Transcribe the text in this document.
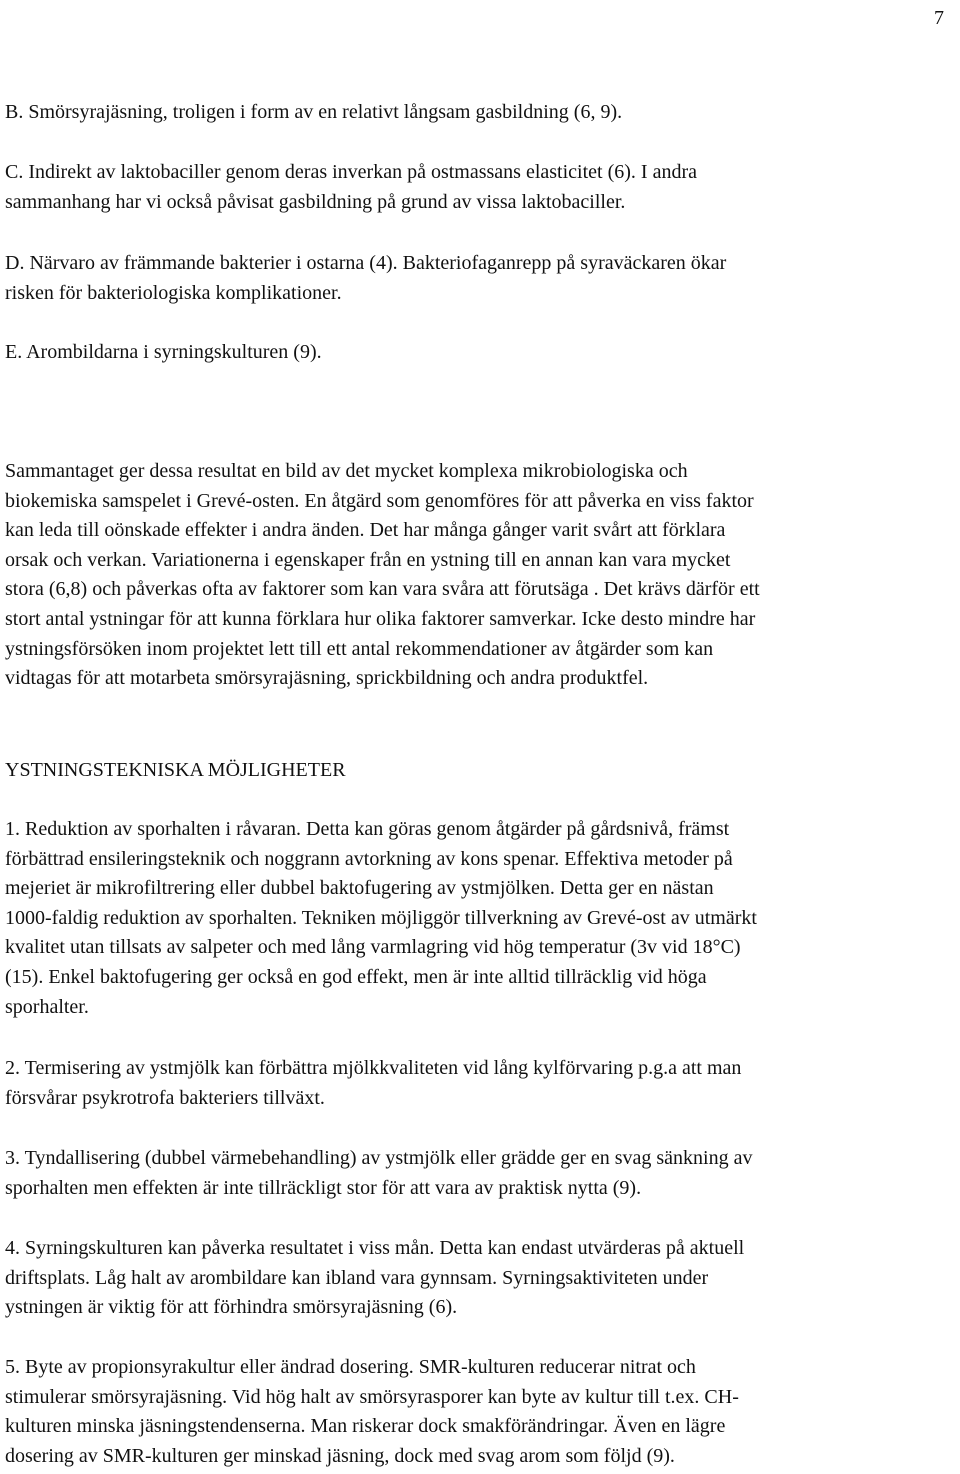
7

B. Smörsyrajäsning, troligen i form av en relativt långsam gasbildning (6, 9).

C. Indirekt av laktobaciller genom deras inverkan på ostmassans elasticitet (6). I andra
sammanhang har vi också påvisat gasbildning på grund av vissa laktobaciller.

D. Närvaro av främmande bakterier i ostarna (4). Bakteriofaganrepp på syraväckaren ökar
risken för bakteriologiska komplikationer.

E. Arombildarna i syrningskulturen (9).

Sammantaget ger dessa resultat en bild av det mycket komplexa mikrobiologiska och
biokemiska samspelet i Grevé-osten. En åtgärd som genomföres för att påverka en viss faktor
kan leda till oönskade effekter i andra änden. Det har många gånger varit svårt att förklara
orsak och verkan. Variationerna i egenskaper från en ystning till en annan kan vara mycket
stora (6,8) och påverkas ofta av faktorer som kan vara svåra att förutsäga . Det krävs därför ett
stort antal ystningar för att kunna förklara hur olika faktorer samverkar. Icke desto mindre har
ystningsförsöken inom projektet lett till ett antal rekommendationer av åtgärder som kan
vidtagas för att motarbeta smörsyrajäsning, sprickbildning och andra produktfel.

YSTNINGSTEKNISKA MÖJLIGHETER

1. Reduktion av sporhalten i råvaran. Detta kan göras genom åtgärder på gårdsnivå, främst
förbättrad ensileringsteknik och noggrann avtorkning av kons spenar. Effektiva metoder på
mejeriet är mikrofiltrering eller dubbel baktofugering av ystmjölken. Detta ger en nästan
1000-faldig reduktion av sporhalten. Tekniken möjliggör tillverkning av Grevé-ost av utmärkt
kvalitet utan tillsats av salpeter och med lång varmlagring vid hög temperatur (3v vid 18°C)
(15). Enkel baktofugering ger också en god effekt, men är inte alltid tillräcklig vid höga
sporhalter.

2. Termisering av ystmjölk kan förbättra mjölkkvaliteten vid lång kylförvaring p.g.a att man
försvårar psykrotrofa bakteriers tillväxt.

3. Tyndallisering (dubbel värmebehandling) av ystmjölk eller grädde ger en svag sänkning av
sporhalten men effekten är inte tillräckligt stor för att vara av praktisk nytta (9).

4. Syrningskulturen kan påverka resultatet i viss mån. Detta kan endast utvärderas på aktuell
driftsplats. Låg halt av arombildare kan ibland vara gynnsam. Syrningsaktiviteten under
ystningen är viktig för att förhindra smörsyrajäsning (6).

5. Byte av propionsyrakultur eller ändrad dosering. SMR-kulturen reducerar nitrat och
stimulerar smörsyrajäsning. Vid hög halt av smörsyrasporer kan byte av kultur till t.ex. CH-
kulturen minska jäsningstendenserna. Man riskerar dock smakförändringar. Även en lägre
dosering av SMR-kulturen ger minskad jäsning, dock med svag arom som följd (9).
